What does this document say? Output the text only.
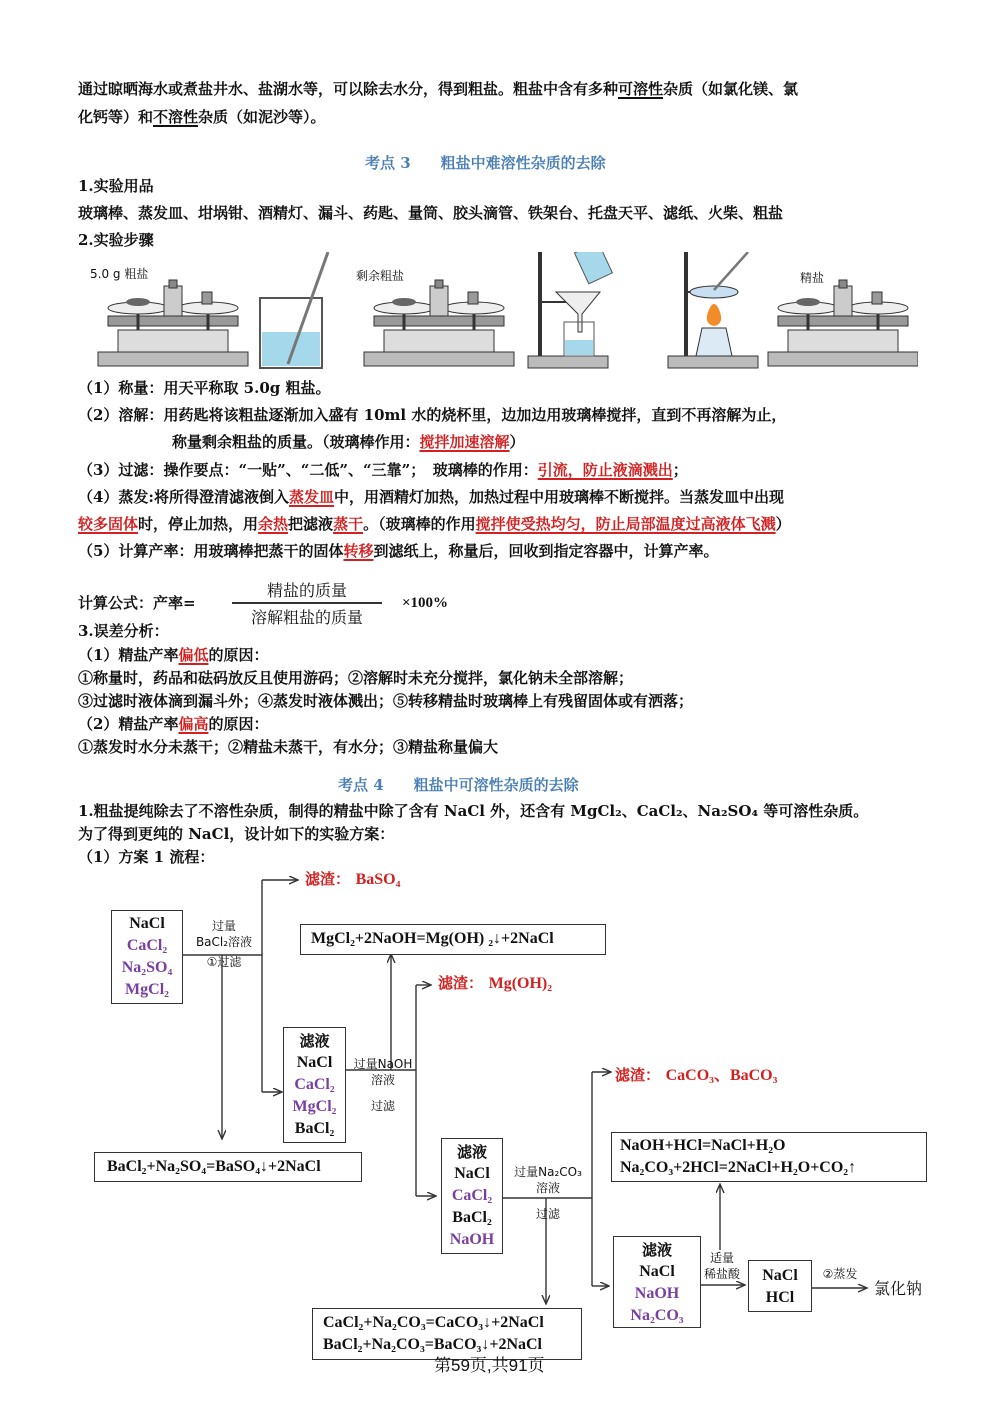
通过晾晒海水或煮盐井水、盐湖水等，可以除去水分，得到粗盐。粗盐中含有多种可溶性杂质（如氯化镁、氯
化钙等）和不溶性杂质（如泥沙等）。
考点 3　　粗盐中难溶性杂质的去除
1.实验用品
玻璃棒、蒸发皿、坩埚钳、酒精灯、漏斗、药匙、量筒、胶头滴管、铁架台、托盘天平、滤纸、火柴、粗盐
2.实验步骤
5.0 g 粗盐	剩余粗盐	精盐
（1）称量：用天平称取 5.0g 粗盐。
（2）溶解：用药匙将该粗盐逐渐加入盛有 10ml 水的烧杯里，边加边用玻璃棒搅拌，直到不再溶解为止，
称量剩余粗盐的质量。（玻璃棒作用：搅拌加速溶解）
（3）过滤：操作要点：“一贴”、“二低”、“三靠”；　玻璃棒的作用：引流，防止液滴溅出；
（4）蒸发:将所得澄清滤液倒入蒸发皿中，用酒精灯加热，加热过程中用玻璃棒不断搅拌。当蒸发皿中出现
较多固体时，停止加热，用余热把滤液蒸干。（玻璃棒的作用搅拌使受热均匀，防止局部温度过高液体飞溅）
（5）计算产率：用玻璃棒把蒸干的固体转移到滤纸上，称量后，回收到指定容器中，计算产率。
计算公式：产率=
精盐的质量
溶解粗盐的质量
×100%
3.误差分析：
（1）精盐产率偏低的原因：
①称量时，药品和砝码放反且使用游码；②溶解时未充分搅拌，氯化钠未全部溶解；
③过滤时液体滴到漏斗外；④蒸发时液体溅出；⑤转移精盐时玻璃棒上有残留固体或有洒落；
（2）精盐产率偏高的原因：
①蒸发时水分未蒸干；②精盐未蒸干，有水分；③精盐称量偏大
考点 4　　粗盐中可溶性杂质的去除
1.粗盐提纯除去了不溶性杂质，制得的精盐中除了含有 NaCl 外，还含有 MgCl₂、CaCl₂、Na₂SO₄ 等可溶性杂质。
为了得到更纯的 NaCl，设计如下的实验方案：
（1）方案 1 流程：
NaCl
CaCl₂
Na₂SO₄
MgCl₂
过量
BaCl₂溶液
①过滤
滤渣： BaSO₄
BaCl₂+Na₂SO₄=BaSO₄↓+2NaCl
滤液
NaCl
CaCl₂
MgCl₂
BaCl₂
过量NaOH
溶液
过滤
MgCl₂+2NaOH=Mg(OH) ₂↓+2NaCl
滤渣： Mg(OH)₂
滤液
NaCl
CaCl₂
BaCl₂
NaOH
过量Na₂CO₃
溶液
过滤
滤渣： CaCO₃、BaCO₃
CaCl₂+Na₂CO₃=CaCO₃↓+2NaCl
BaCl₂+Na₂CO₃=BaCO₃↓+2NaCl
NaOH+HCl=NaCl+H₂O
Na₂CO₃+2HCl=2NaCl+H₂O+CO₂↑
滤液
NaCl
NaOH
Na₂CO₃
适量
稀盐酸	NaCl
HCl
②蒸发
氯化钠
第59页,共91页
